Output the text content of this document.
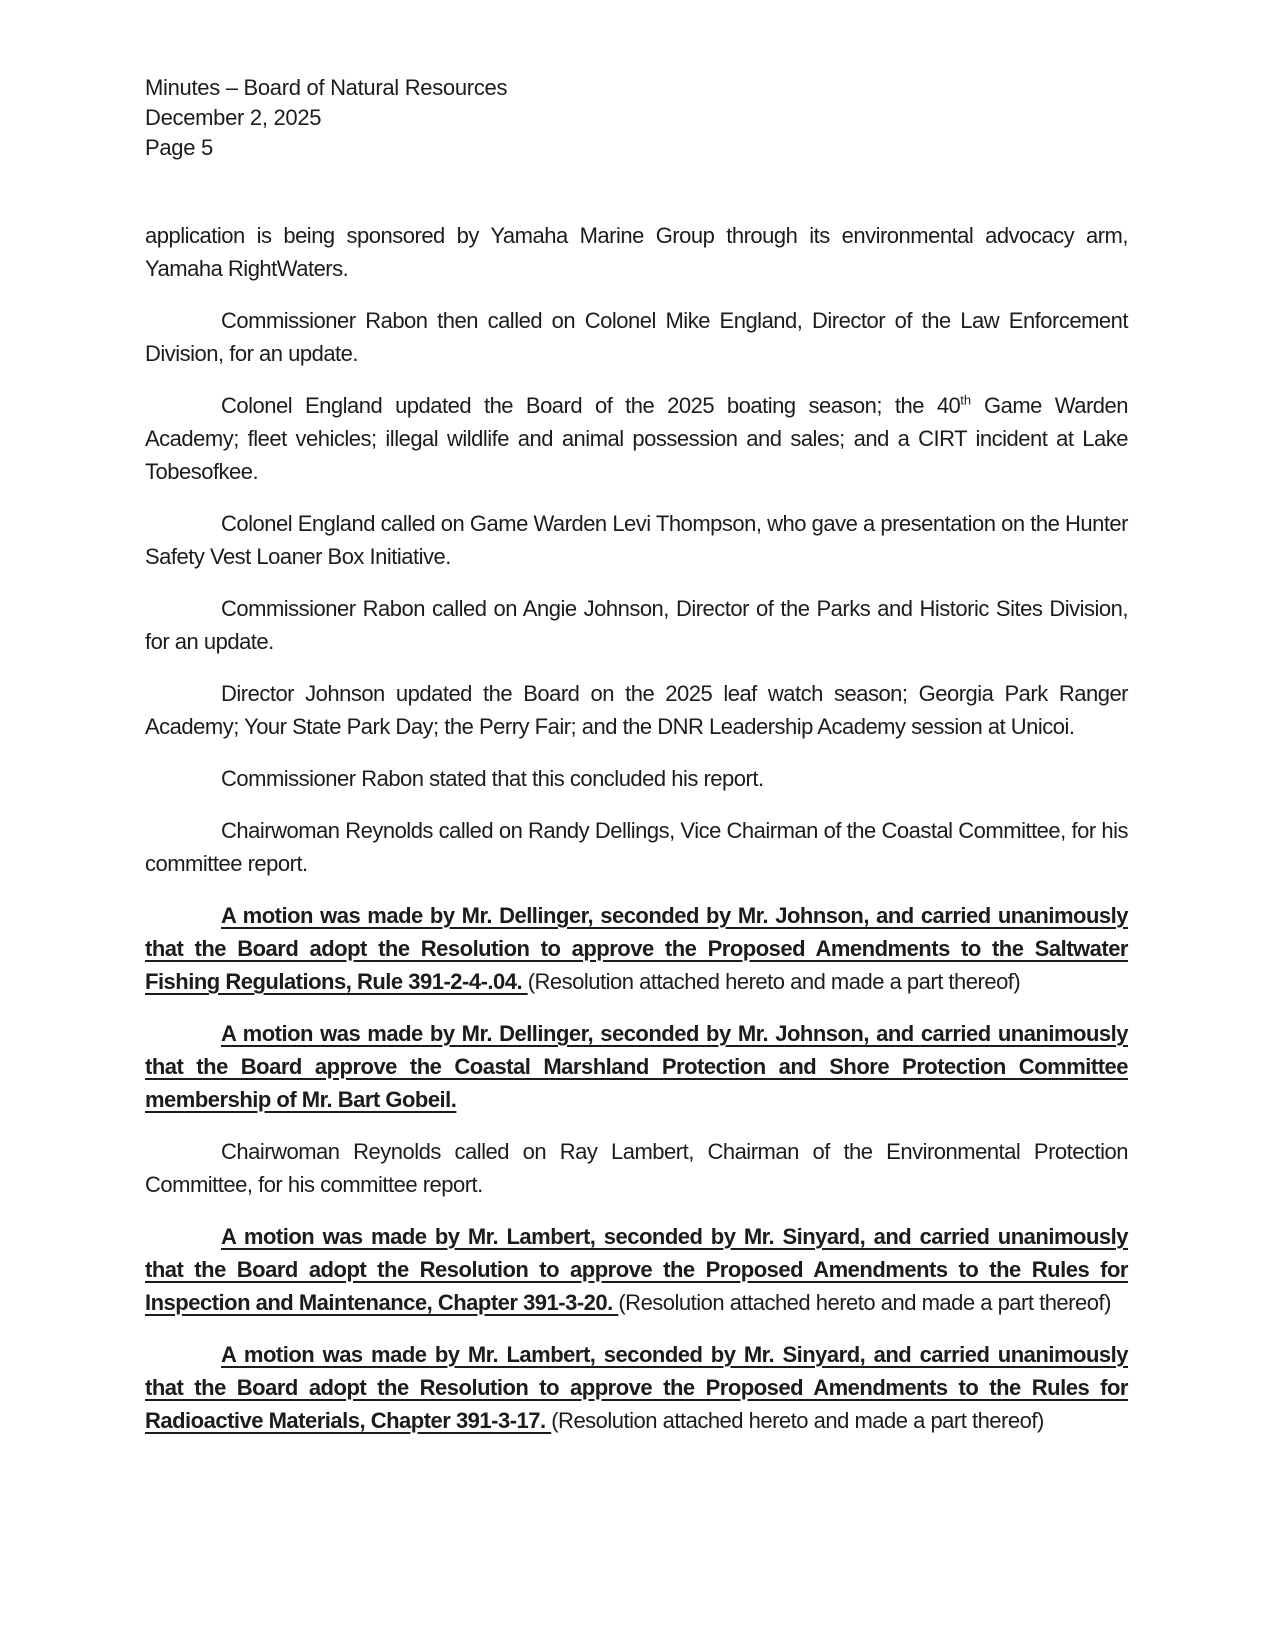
Minutes – Board of Natural Resources
December 2, 2025
Page 5

application is being sponsored by Yamaha Marine Group through its environmental advocacy arm, Yamaha RightWaters.

Commissioner Rabon then called on Colonel Mike England, Director of the Law Enforcement Division, for an update.

Colonel England updated the Board of the 2025 boating season; the 40th Game Warden Academy; fleet vehicles; illegal wildlife and animal possession and sales; and a CIRT incident at Lake Tobesofkee.

Colonel England called on Game Warden Levi Thompson, who gave a presentation on the Hunter Safety Vest Loaner Box Initiative.

Commissioner Rabon called on Angie Johnson, Director of the Parks and Historic Sites Division, for an update.

Director Johnson updated the Board on the 2025 leaf watch season; Georgia Park Ranger Academy; Your State Park Day; the Perry Fair; and the DNR Leadership Academy session at Unicoi.

Commissioner Rabon stated that this concluded his report.

Chairwoman Reynolds called on Randy Dellings, Vice Chairman of the Coastal Committee, for his committee report.

A motion was made by Mr. Dellinger, seconded by Mr. Johnson, and carried unanimously that the Board adopt the Resolution to approve the Proposed Amendments to the Saltwater Fishing Regulations, Rule 391-2-4-.04. (Resolution attached hereto and made a part thereof)

A motion was made by Mr. Dellinger, seconded by Mr. Johnson, and carried unanimously that the Board approve the Coastal Marshland Protection and Shore Protection Committee membership of Mr. Bart Gobeil.

Chairwoman Reynolds called on Ray Lambert, Chairman of the Environmental Protection Committee, for his committee report.

A motion was made by Mr. Lambert, seconded by Mr. Sinyard, and carried unanimously that the Board adopt the Resolution to approve the Proposed Amendments to the Rules for Inspection and Maintenance, Chapter 391-3-20. (Resolution attached hereto and made a part thereof)

A motion was made by Mr. Lambert, seconded by Mr. Sinyard, and carried unanimously that the Board adopt the Resolution to approve the Proposed Amendments to the Rules for Radioactive Materials, Chapter 391-3-17. (Resolution attached hereto and made a part thereof)
